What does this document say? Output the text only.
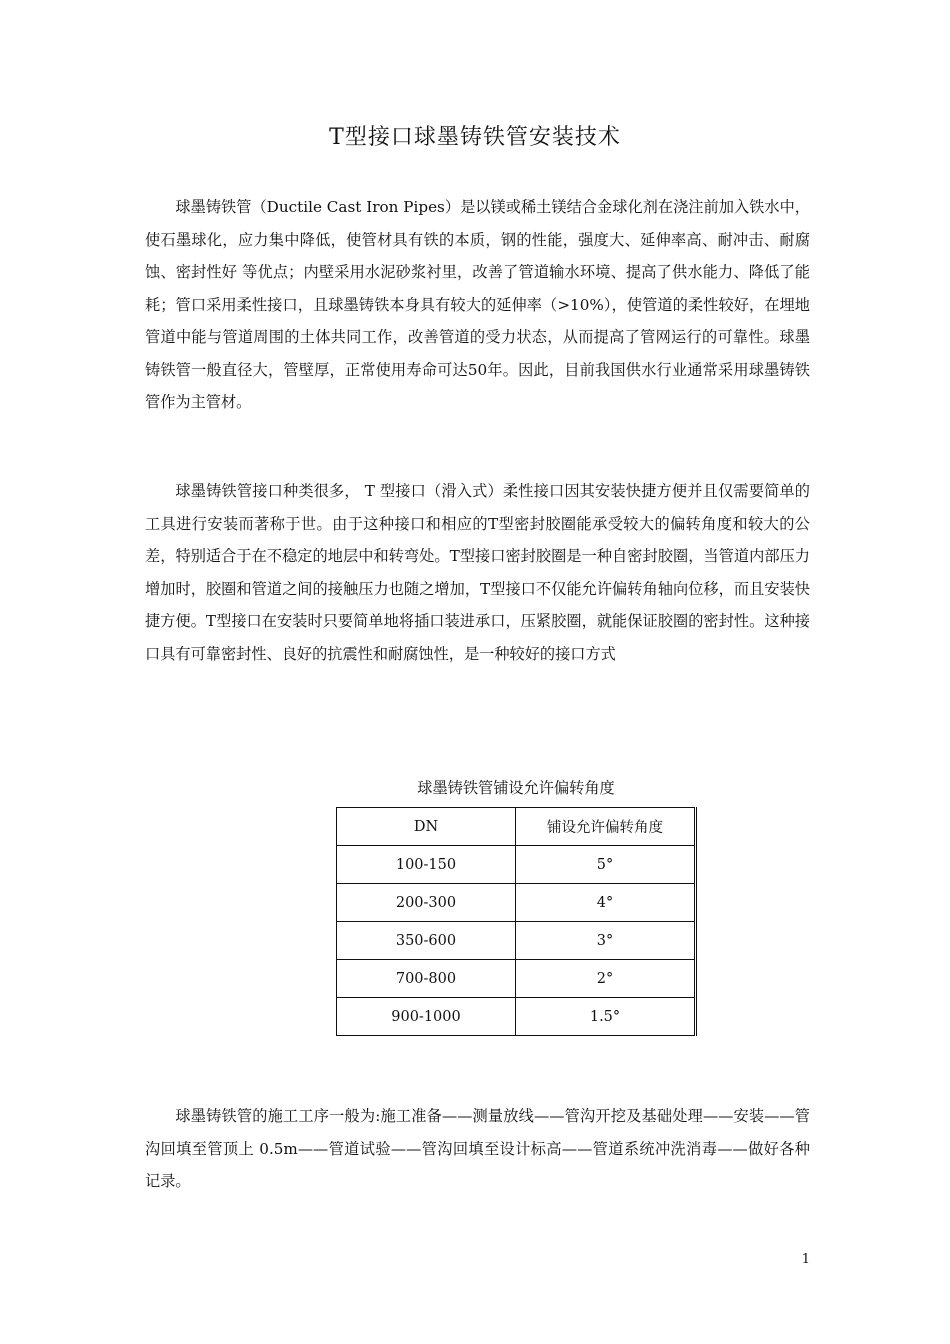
T型接口球墨铸铁管安装技术

球墨铸铁管（Ductile Cast Iron Pipes）是以镁或稀土镁结合金球化剂在浇注前加入铁水中，使石墨球化，应力集中降低，使管材具有铁的本质，钢的性能，强度大、延伸率高、耐冲击、耐腐蚀、密封性好 等优点；内壁采用水泥砂浆衬里，改善了管道输水环境、提高了供水能力、降低了能耗；管口采用柔性接口，且球墨铸铁本身具有较大的延伸率（>10%），使管道的柔性较好，在埋地管道中能与管道周围的土体共同工作，改善管道的受力状态，从而提高了管网运行的可靠性。球墨铸铁管一般直径大，管壁厚，正常使用寿命可达50年。因此，目前我国供水行业通常采用球墨铸铁管作为主管材。

球墨铸铁管接口种类很多， T 型接口（滑入式）柔性接口因其安装快捷方便并且仅需要简单的工具进行安装而著称于世。由于这种接口和相应的T型密封胶圈能承受较大的偏转角度和较大的公差，特别适合于在不稳定的地层中和转弯处。T型接口密封胶圈是一种自密封胶圈，当管道内部压力增加时，胶圈和管道之间的接触压力也随之增加，T型接口不仅能允许偏转角轴向位移，而且安装快捷方便。T型接口在安装时只要简单地将插口装进承口，压紧胶圈，就能保证胶圈的密封性。这种接口具有可靠密封性、良好的抗震性和耐腐蚀性，是一种较好的接口方式

球墨铸铁管铺设允许偏转角度
DN	铺设允许偏转角度
100-150	5°
200-300	4°
350-600	3°
700-800	2°
900-1000	1.5°

球墨铸铁管的施工工序一般为:施工准备——测量放线——管沟开挖及基础处理——安装——管沟回填至管顶上 0.5m——管道试验——管沟回填至设计标高——管道系统冲洗消毒——做好各种记录。

1
